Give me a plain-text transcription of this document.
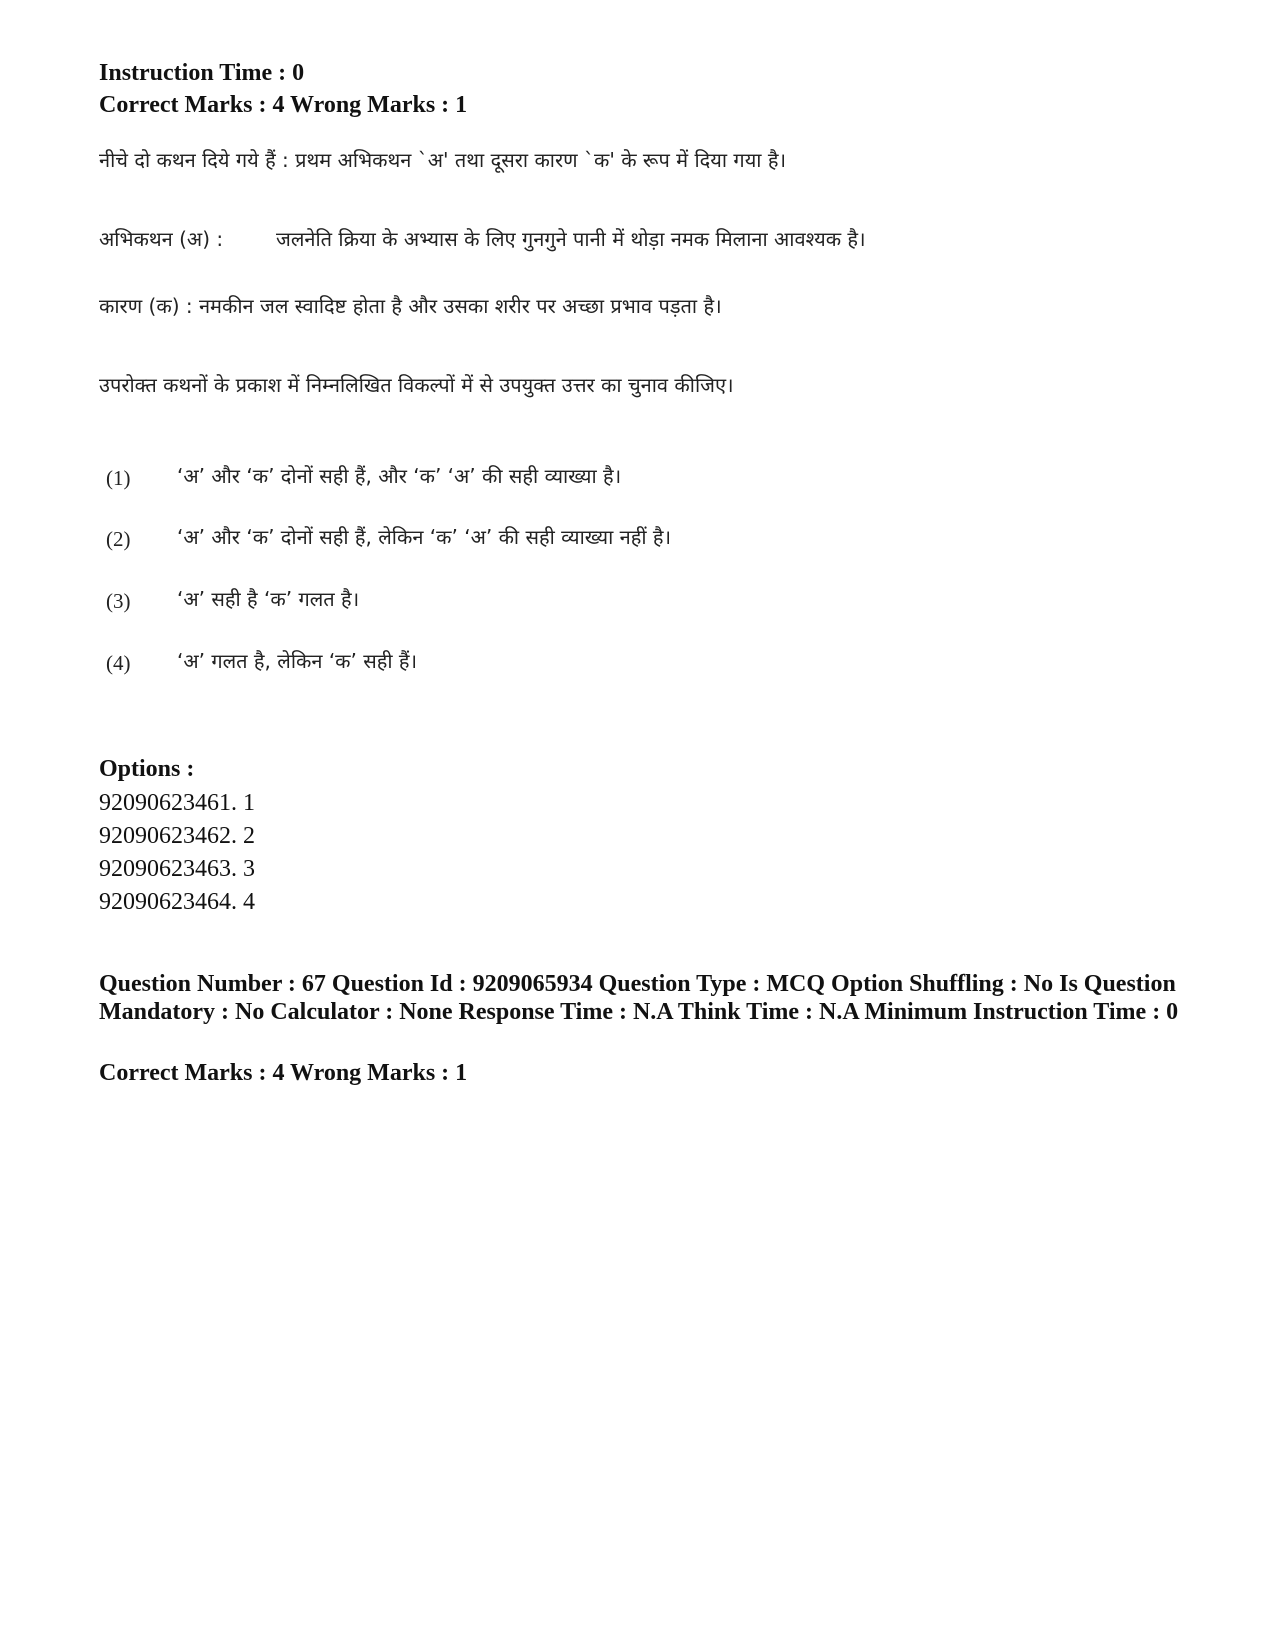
Instruction Time : 0
Correct Marks : 4 Wrong Marks : 1
नीचे दो कथन दिये गये हैं : प्रथम अभिकथन `अ' तथा दूसरा कारण `क' के रूप में दिया गया है।
अभिकथन (अ) :	जलनेति क्रिया के अभ्यास के लिए गुनगुने पानी में थोड़ा नमक मिलाना आवश्यक है।
कारण (क) : नमकीन जल स्वादिष्ट होता है और उसका शरीर पर अच्छा प्रभाव पड़ता है।
उपरोक्त कथनों के प्रकाश में निम्नलिखित विकल्पों में से उपयुक्त उत्तर का चुनाव कीजिए।
(1) ‘अ’ और ‘क’ दोनों सही हैं, और ‘क’ ‘अ’ की सही व्याख्या है।
(2) ‘अ’ और ‘क’ दोनों सही हैं, लेकिन ‘क’ ‘अ’ की सही व्याख्या नहीं है।
(3) ‘अ’ सही है ‘क’ गलत है।
(4) ‘अ’ गलत है, लेकिन ‘क’ सही हैं।
Options :
92090623461. 1
92090623462. 2
92090623463. 3
92090623464. 4
Question Number : 67 Question Id : 9209065934 Question Type : MCQ Option Shuffling : No Is Question Mandatory : No Calculator : None Response Time : N.A Think Time : N.A Minimum Instruction Time : 0
Correct Marks : 4 Wrong Marks : 1
